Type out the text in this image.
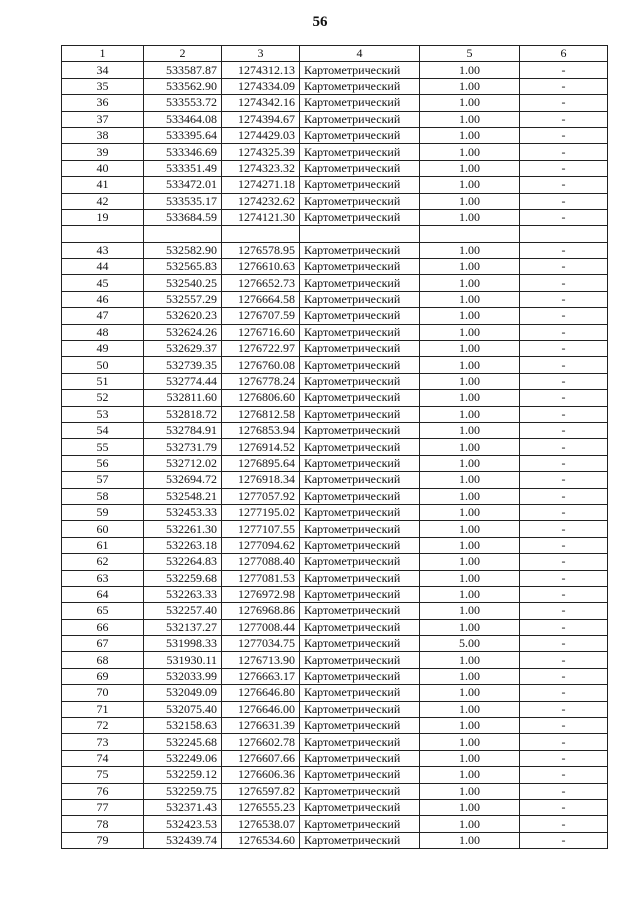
56
1	2	3	4	5	6
34	533587.87	1274312.13	Картометрический	1.00	-
35	533562.90	1274334.09	Картометрический	1.00	-
36	533553.72	1274342.16	Картометрический	1.00	-
37	533464.08	1274394.67	Картометрический	1.00	-
38	533395.64	1274429.03	Картометрический	1.00	-
39	533346.69	1274325.39	Картометрический	1.00	-
40	533351.49	1274323.32	Картометрический	1.00	-
41	533472.01	1274271.18	Картометрический	1.00	-
42	533535.17	1274232.62	Картометрический	1.00	-
19	533684.59	1274121.30	Картометрический	1.00	-

43	532582.90	1276578.95	Картометрический	1.00	-
44	532565.83	1276610.63	Картометрический	1.00	-
45	532540.25	1276652.73	Картометрический	1.00	-
46	532557.29	1276664.58	Картометрический	1.00	-
47	532620.23	1276707.59	Картометрический	1.00	-
48	532624.26	1276716.60	Картометрический	1.00	-
49	532629.37	1276722.97	Картометрический	1.00	-
50	532739.35	1276760.08	Картометрический	1.00	-
51	532774.44	1276778.24	Картометрический	1.00	-
52	532811.60	1276806.60	Картометрический	1.00	-
53	532818.72	1276812.58	Картометрический	1.00	-
54	532784.91	1276853.94	Картометрический	1.00	-
55	532731.79	1276914.52	Картометрический	1.00	-
56	532712.02	1276895.64	Картометрический	1.00	-
57	532694.72	1276918.34	Картометрический	1.00	-
58	532548.21	1277057.92	Картометрический	1.00	-
59	532453.33	1277195.02	Картометрический	1.00	-
60	532261.30	1277107.55	Картометрический	1.00	-
61	532263.18	1277094.62	Картометрический	1.00	-
62	532264.83	1277088.40	Картометрический	1.00	-
63	532259.68	1277081.53	Картометрический	1.00	-
64	532263.33	1276972.98	Картометрический	1.00	-
65	532257.40	1276968.86	Картометрический	1.00	-
66	532137.27	1277008.44	Картометрический	1.00	-
67	531998.33	1277034.75	Картометрический	5.00	-
68	531930.11	1276713.90	Картометрический	1.00	-
69	532033.99	1276663.17	Картометрический	1.00	-
70	532049.09	1276646.80	Картометрический	1.00	-
71	532075.40	1276646.00	Картометрический	1.00	-
72	532158.63	1276631.39	Картометрический	1.00	-
73	532245.68	1276602.78	Картометрический	1.00	-
74	532249.06	1276607.66	Картометрический	1.00	-
75	532259.12	1276606.36	Картометрический	1.00	-
76	532259.75	1276597.82	Картометрический	1.00	-
77	532371.43	1276555.23	Картометрический	1.00	-
78	532423.53	1276538.07	Картометрический	1.00	-
79	532439.74	1276534.60	Картометрический	1.00	-
